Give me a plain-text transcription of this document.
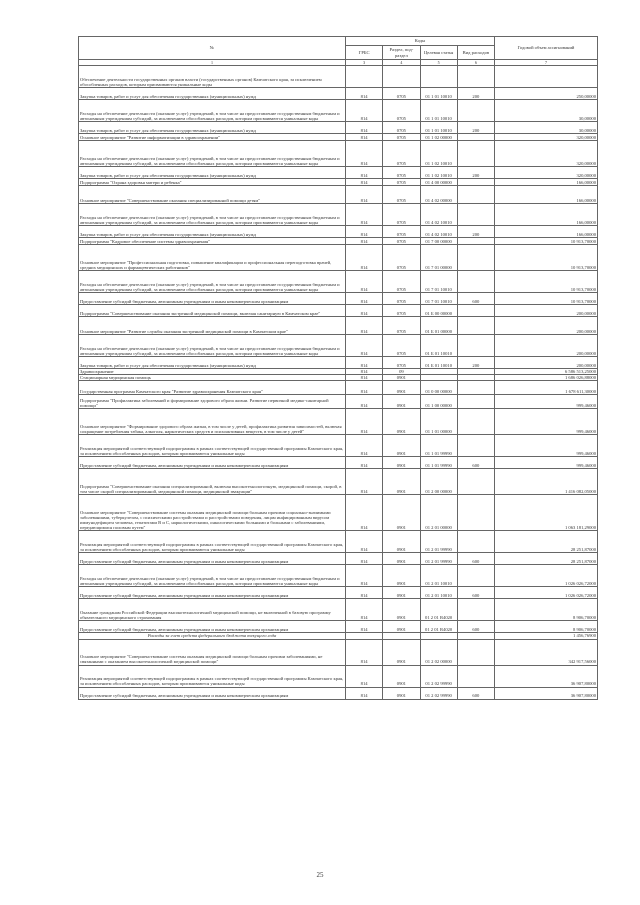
№	Коды				Годовой объем ассигнований
	ГРБС	Раздел, под-раздел	Целевая статья	Вид расходов	
1	3	4	5	6	7
Обеспечение деятельности государственных органов власти (государственных органов) Камчатского края, за исключением обособленных расходов, которым присваиваются уникальные коды					
Закупка товаров, работ и услуг для обеспечения государственных (муниципальных) нужд	814	0705	01 1 01 10010	200	250,00000
Расходы на обеспечение деятельности (оказание услуг) учреждений, в том числе на предоставление государственным бюджетным и автономным учреждениям субсидий, за исключением обособленных расходов, которым присваиваются уникальные коды	814	0705	01 1 01 10010		30,00000
Закупка товаров, работ и услуг для обеспечения государственных (муниципальных) нужд	814	0705	01 1 01 10010	200	30,00000
Основное мероприятие "Развитие информатизации в здравоохранении"	814	0705	01 1 02 00000		320,00000
Расходы на обеспечение деятельности (оказание услуг) учреждений, в том числе на предоставление государственным бюджетным и автономным учреждениям субсидий, за исключением обособленных расходов, которым присваиваются уникальные коды	814	0705	01 1 02 10010		320,00000
Закупка товаров, работ и услуг для обеспечения государственных (муниципальных) нужд	814	0705	01 1 02 10010	200	320,00000
Подпрограмма "Охрана здоровья матери и ребенка"	814	0705	01 4 00 00000		166,00000
Основное мероприятие "Совершенствование оказания специализированной помощи детям"	814	0705	01 4 02 00000		166,00000
Расходы на обеспечение деятельности (оказание услуг) учреждений, в том числе на предоставление государственным бюджетным и автономным учреждениям субсидий, за исключением обособленных расходов, которым присваиваются уникальные коды	814	0705	01 4 02 10010		166,00000
Закупка товаров, работ и услуг для обеспечения государственных (муниципальных) нужд	814	0705	01 4 02 10010	200	166,00000
Подпрограмма "Кадровое обеспечение системы здравоохранения"	814	0705	01 7 00 00000		10 913,70000
Основное мероприятие "Профессиональная подготовка, повышение квалификации и профессиональная переподготовка врачей, средних медицинских и фармацевтических работников"	814	0705	01 7 01 00000		10 913,70000
Расходы на обеспечение деятельности (оказание услуг) учреждений, в том числе на предоставление государственным бюджетным и автономным учреждениям субсидий, за исключением обособленных расходов, которым присваиваются уникальные коды	814	0705	01 7 01 10010		10 913,70000
Предоставление субсидий бюджетным, автономным учреждениям и иным некоммерческим организациям	814	0705	01 7 01 10010	600	10 913,70000
Подпрограмма "Совершенствование оказания экстренной медицинской помощи, включая санитарную в Камчатском крае"	814	0705	01 Б 00 00000		200,00000
Основное мероприятие "Развитие службы оказания экстренной медицинской помощи в Камчатском крае"	814	0705	01 Б 01 00000		200,00000
Расходы на обеспечение деятельности (оказание услуг) учреждений, в том числе на предоставление государственным бюджетным и автономным учреждениям субсидий, за исключением обособленных расходов, которым присваиваются уникальные коды	814	0705	01 Б 01 10010		200,00000
Закупка товаров, работ и услуг для обеспечения государственных (муниципальных) нужд	814	0705	01 Б 01 10010	200	200,00000
Здравоохранение	814	09			6 586 513,25000
Стационарная медицинская помощь	814	0901			1 686 026,88000
Государственная программа Камчатского края "Развитие здравоохранения Камчатского края"	814	0901	01 0 00 00000		1 678 611,30000
Подпрограмма "Профилактика заболеваний и формирование здорового образа жизни. Развитие первичной медико-санитарной помощи"	814	0901	01 1 00 00000		999,46000
Основное мероприятие "Формирование здорового образа жизни, в том числе у детей, профилактика развития зависимостей, включая сокращение потребления табака, алкоголя, наркотических средств и психоактивных веществ, в том числе у детей"	814	0901	01 1 01 00000		999,46000
Реализация мероприятий соответствующей подпрограммы в рамках соответствующей государственной программы Камчатского края, за исключением обособленных расходов, которым присваиваются уникальные коды	814	0901	01 1 01 99990		999,46000
Предоставление субсидий бюджетным, автономным учреждениям и иным некоммерческим организациям	814	0901	01 1 01 99990	600	999,46000
Подпрограмма "Совершенствование оказания специализированной, включая высокотехнологичную, медицинской помощи, скорой, в том числе скорой специализированной, медицинской помощи, медицинской эвакуации"	814	0901	01 2 00 00000		1 416 082,05000
Основное мероприятие "Совершенствование системы оказания медицинской помощи больным прочими социально-значимыми заболеваниями, туберкулезом, с психическими расстройствами и расстройствами поведения, лицам инфицированным вирусом иммунодефицита человека, гепатитами В и С, наркологическими, онкологическими больными и больными с заболеваниями, передающимися половым путем"	814	0901	01 2 01 00000		1 063 181,29000
Реализация мероприятий соответствующей подпрограммы в рамках соответствующей государственной программы Камчатского края, за исключением обособленных расходов, которым присваиваются уникальные коды	814	0901	01 2 01 99990		28 251,87000
Предоставление субсидий бюджетным, автономным учреждениям и иным некоммерческим организациям	814	0901	01 2 01 99990	600	28 251,87000
Расходы на обеспечение деятельности (оказание услуг) учреждений, в том числе на предоставление государственным бюджетным и автономным учреждениям субсидий, за исключением обособленных расходов, которым присваиваются уникальные коды	814	0901	01 2 01 10010		1 026 026,72000
Предоставление субсидий бюджетным, автономным учреждениям и иным некоммерческим организациям	814	0901	01 2 01 10010	600	1 026 026,72000
Оказание гражданам Российской Федерации высокотехнологичной медицинской помощи, не включенной в базовую программу обязательного медицинского страхования	814	0901	01 2 01 R4020		8 906,70000
Предоставление субсидий бюджетным, автономным учреждениям и иным некоммерческим организациям	814	0901	01 2 01 R4020	600	8 906,70000
Расходы за счет средств федерального бюджета текущего года					1 456,76900
Основное мероприятие "Совершенствование системы оказания медицинской помощи больным прочими заболеваниями, не связанными с оказанием высокотехнологичной медицинской помощи"	814	0901	01 2 02 00000		342 917,56000
Реализация мероприятий соответствующей подпрограммы в рамках соответствующей государственной программы Камчатского края, за исключением обособленных расходов, которым присваиваются уникальные коды	814	0901	01 2 02 99990		36 907,80000
Предоставление субсидий бюджетным, автономным учреждениям и иным некоммерческим организациям	814	0901	01 2 02 99990	600	36 907,80000
25
